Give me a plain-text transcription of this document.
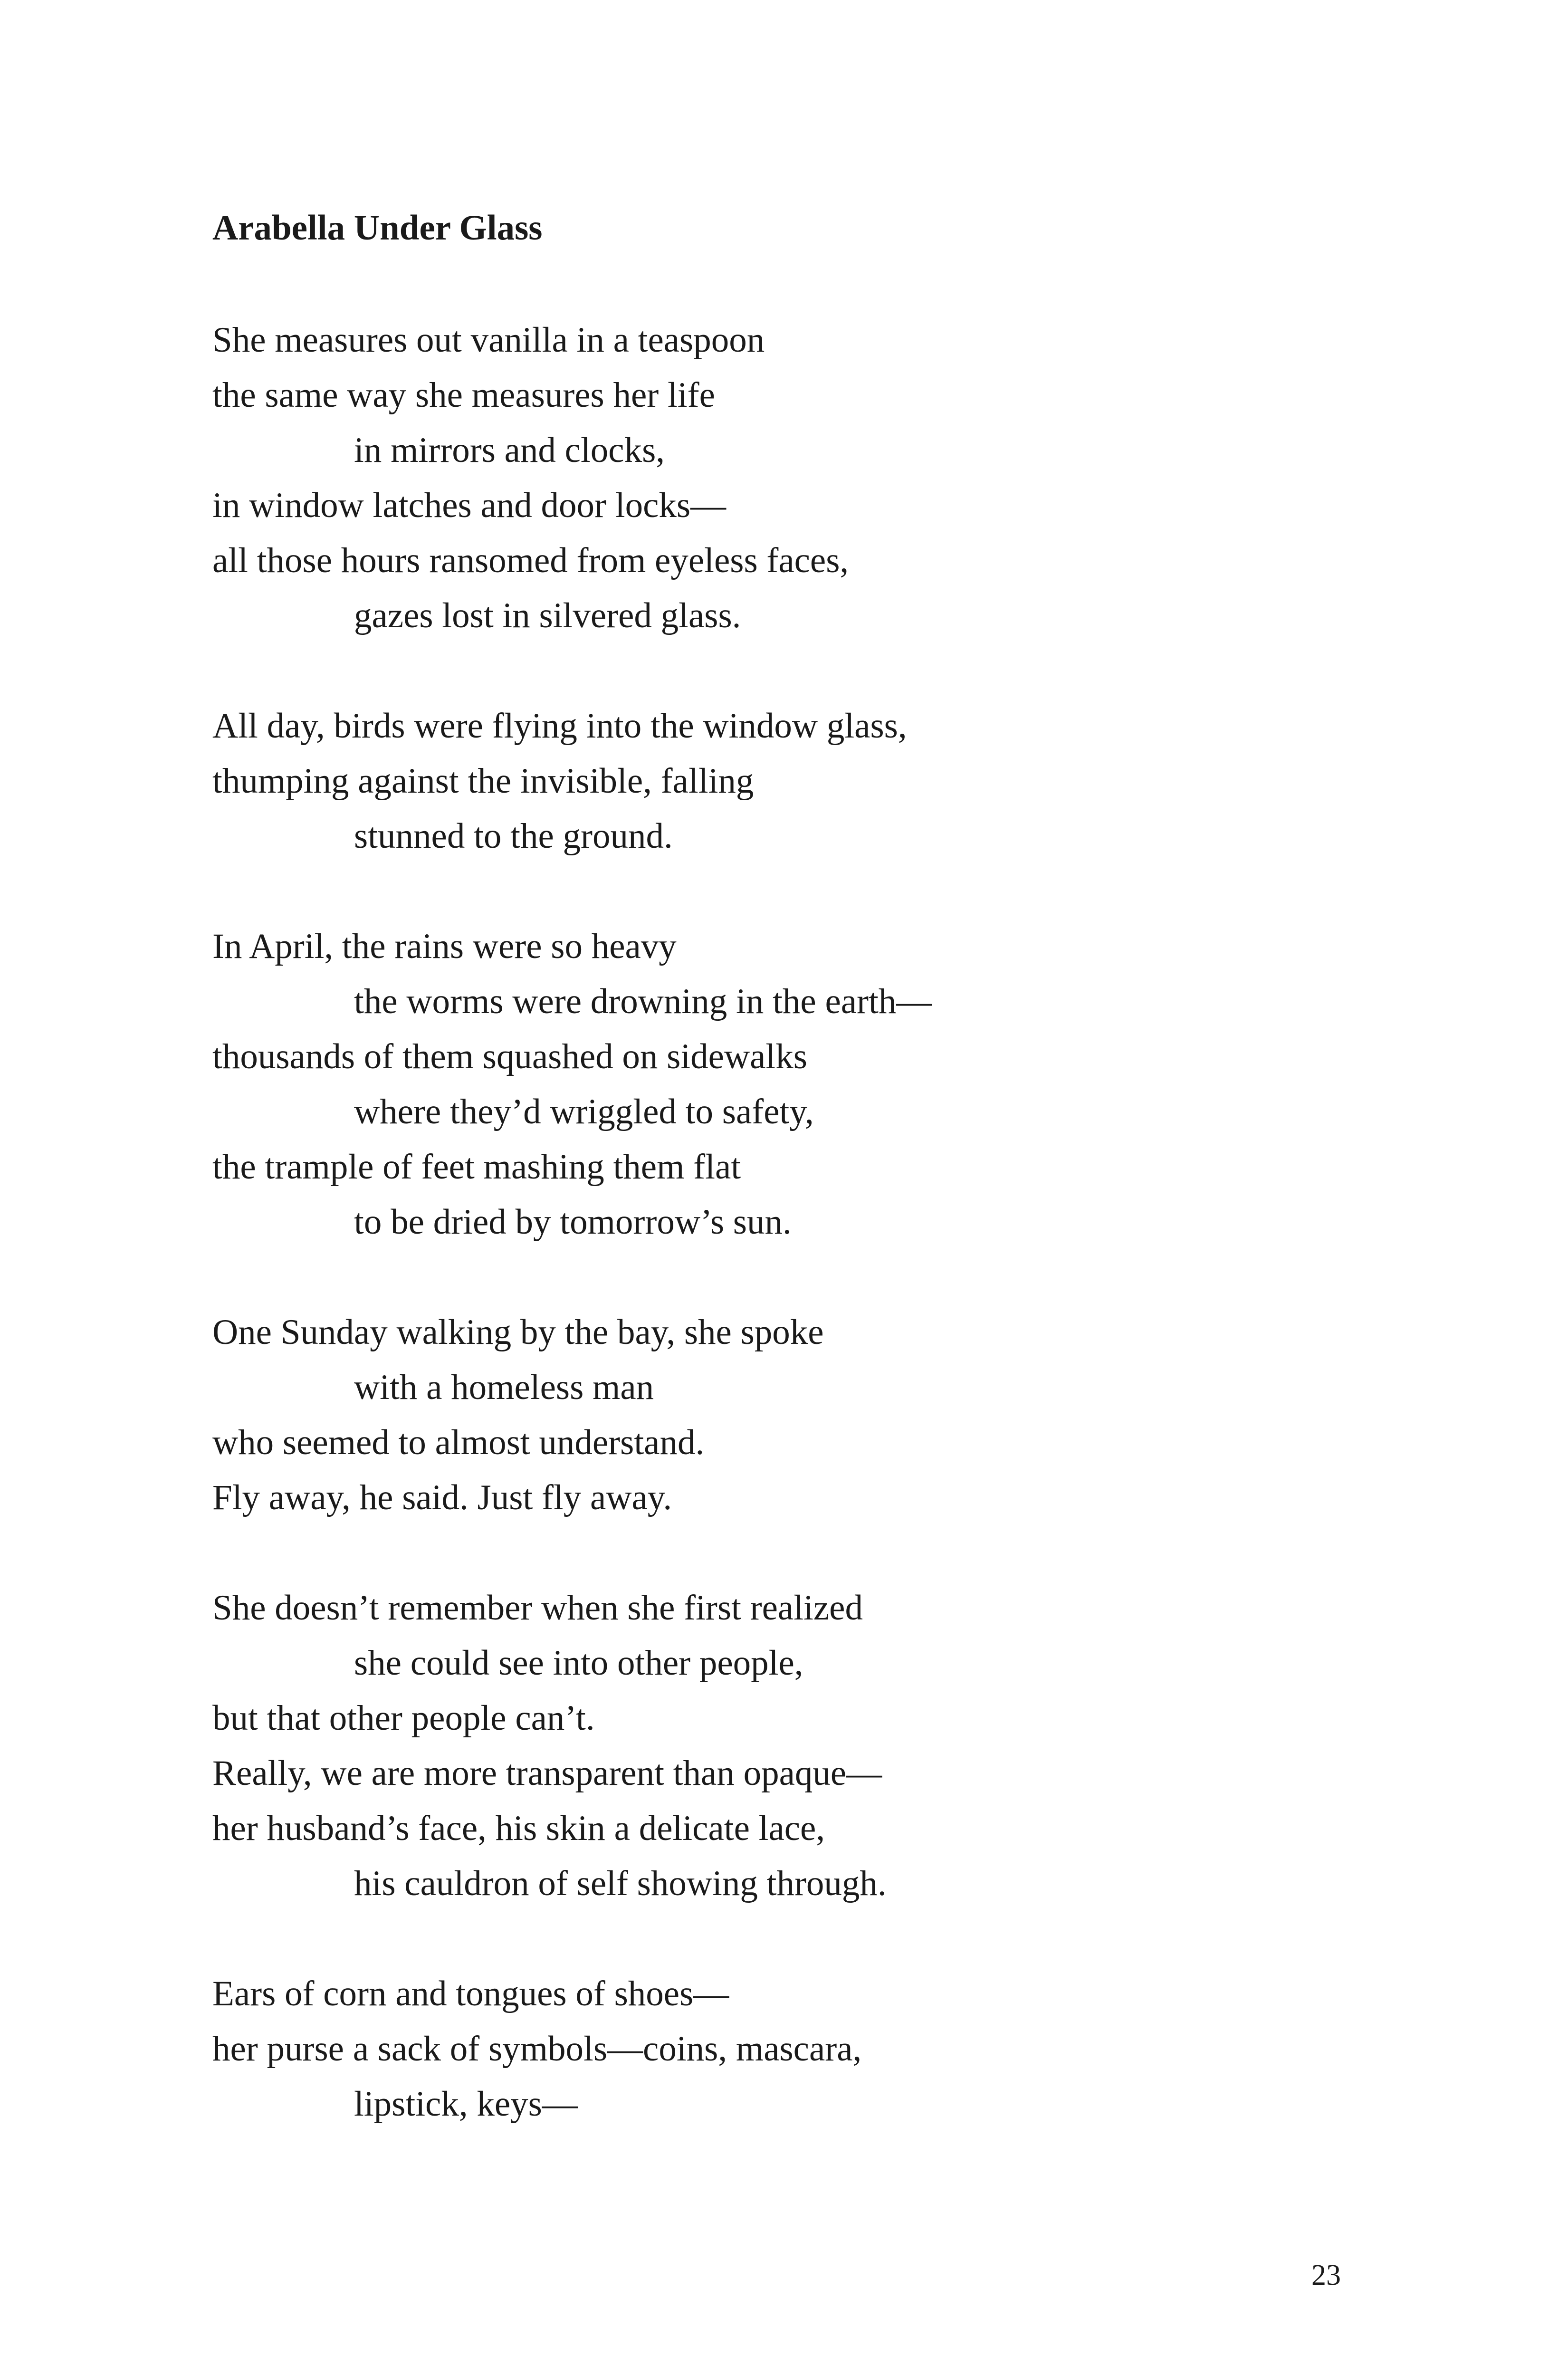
Arabella Under Glass
She measures out vanilla in a teaspoon
the same way she measures her life
in mirrors and clocks,
in window latches and door locks—
all those hours ransomed from eyeless faces,
gazes lost in silvered glass.
All day, birds were flying into the window glass,
thumping against the invisible, falling
stunned to the ground.
In April, the rains were so heavy
the worms were drowning in the earth—
thousands of them squashed on sidewalks
where they’d wriggled to safety,
the trample of feet mashing them flat
to be dried by tomorrow’s sun.
One Sunday walking by the bay, she spoke
with a homeless man
who seemed to almost understand.
Fly away, he said. Just fly away.
She doesn’t remember when she first realized
she could see into other people,
but that other people can’t.
Really, we are more transparent than opaque—
her husband’s face, his skin a delicate lace,
his cauldron of self showing through.
Ears of corn and tongues of shoes—
her purse a sack of symbols—coins, mascara,
lipstick, keys—
23
